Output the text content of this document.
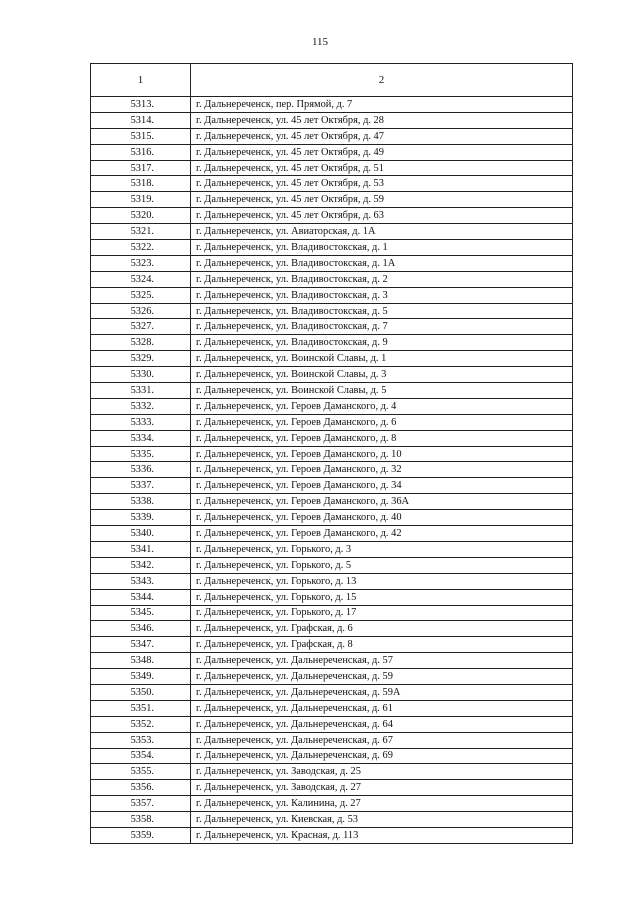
115
1	2
5313.	г. Дальнереченск, пер. Прямой, д. 7
5314.	г. Дальнереченск, ул. 45 лет Октября, д. 28
5315.	г. Дальнереченск, ул. 45 лет Октября, д. 47
5316.	г. Дальнереченск, ул. 45 лет Октября, д. 49
5317.	г. Дальнереченск, ул. 45 лет Октября, д. 51
5318.	г. Дальнереченск, ул. 45 лет Октября, д. 53
5319.	г. Дальнереченск, ул. 45 лет Октября, д. 59
5320.	г. Дальнереченск, ул. 45 лет Октября, д. 63
5321.	г. Дальнереченск, ул. Авиаторская, д. 1А
5322.	г. Дальнереченск, ул. Владивостокская, д. 1
5323.	г. Дальнереченск, ул. Владивостокская, д. 1А
5324.	г. Дальнереченск, ул. Владивостокская, д. 2
5325.	г. Дальнереченск, ул. Владивостокская, д. 3
5326.	г. Дальнереченск, ул. Владивостокская, д. 5
5327.	г. Дальнереченск, ул. Владивостокская, д. 7
5328.	г. Дальнереченск, ул. Владивостокская, д. 9
5329.	г. Дальнереченск, ул. Воинской Славы, д. 1
5330.	г. Дальнереченск, ул. Воинской Славы, д. 3
5331.	г. Дальнереченск, ул. Воинской Славы, д. 5
5332.	г. Дальнереченск, ул. Героев Даманского, д. 4
5333.	г. Дальнереченск, ул. Героев Даманского, д. 6
5334.	г. Дальнереченск, ул. Героев Даманского, д. 8
5335.	г. Дальнереченск, ул. Героев Даманского, д. 10
5336.	г. Дальнереченск, ул. Героев Даманского, д. 32
5337.	г. Дальнереченск, ул. Героев Даманского, д. 34
5338.	г. Дальнереченск, ул. Героев Даманского, д. 36А
5339.	г. Дальнереченск, ул. Героев Даманского, д. 40
5340.	г. Дальнереченск, ул. Героев Даманского, д. 42
5341.	г. Дальнереченск, ул. Горького, д. 3
5342.	г. Дальнереченск, ул. Горького, д. 5
5343.	г. Дальнереченск, ул. Горького, д. 13
5344.	г. Дальнереченск, ул. Горького, д. 15
5345.	г. Дальнереченск, ул. Горького, д. 17
5346.	г. Дальнереченск, ул. Графская, д. 6
5347.	г. Дальнереченск, ул. Графская, д. 8
5348.	г. Дальнереченск, ул. Дальнереченская, д. 57
5349.	г. Дальнереченск, ул. Дальнереченская, д. 59
5350.	г. Дальнереченск, ул. Дальнереченская, д. 59А
5351.	г. Дальнереченск, ул. Дальнереченская, д. 61
5352.	г. Дальнереченск, ул. Дальнереченская, д. 64
5353.	г. Дальнереченск, ул. Дальнереченская, д. 67
5354.	г. Дальнереченск, ул. Дальнереченская, д. 69
5355.	г. Дальнереченск, ул. Заводская, д. 25
5356.	г. Дальнереченск, ул. Заводская, д. 27
5357.	г. Дальнереченск, ул. Калинина, д. 27
5358.	г. Дальнереченск, ул. Киевская, д. 53
5359.	г. Дальнереченск, ул. Красная, д. 113
